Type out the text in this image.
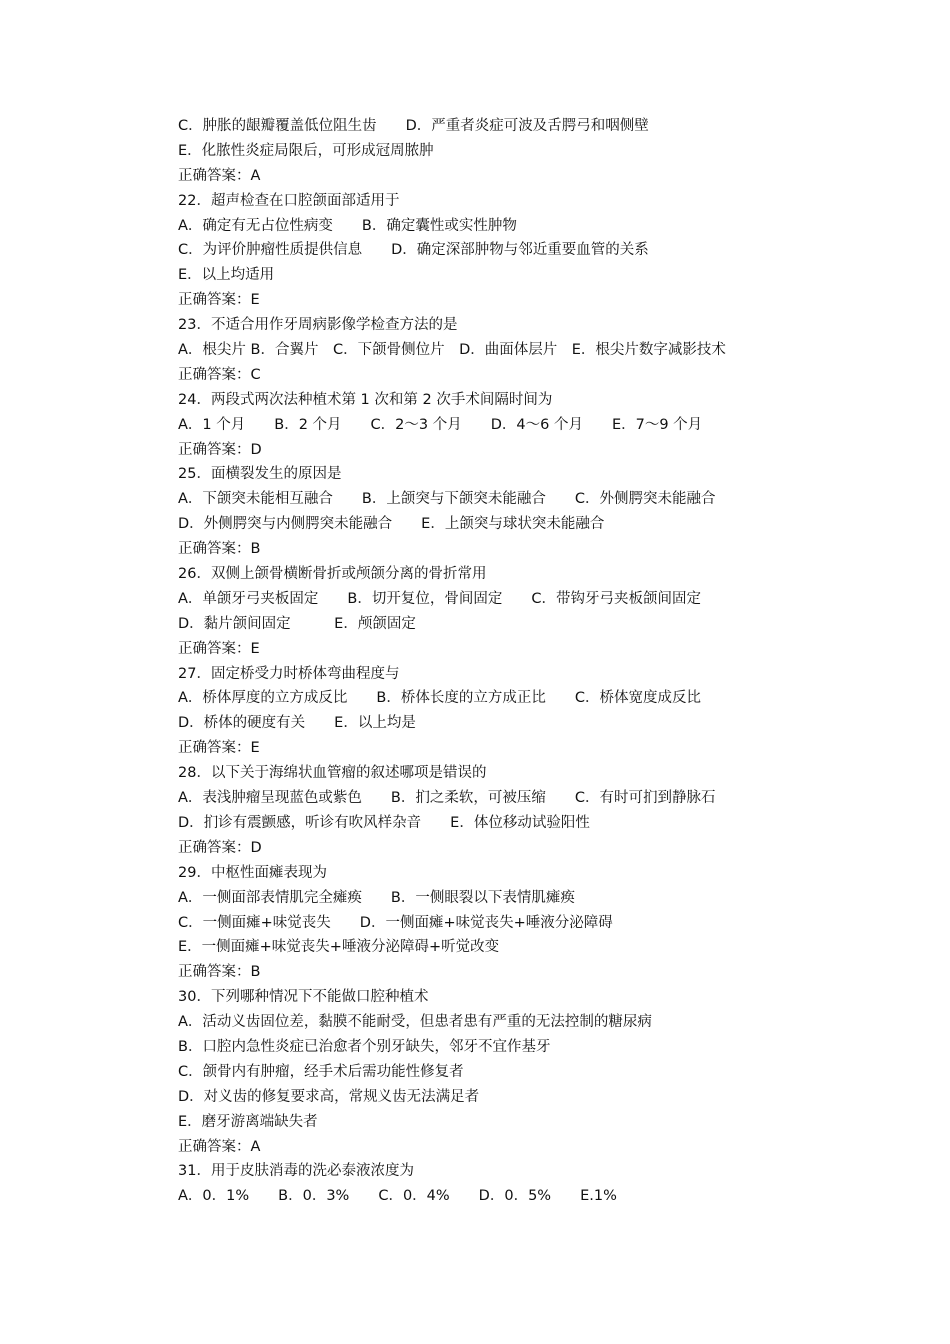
C．肿胀的龈瓣覆盖低位阻生齿　　D．严重者炎症可波及舌腭弓和咽侧壁
E．化脓性炎症局限后，可形成冠周脓肿
正确答案：A
22．超声检查在口腔颌面部适用于
A．确定有无占位性病变　　B．确定囊性或实性肿物
C．为评价肿瘤性质提供信息　　D．确定深部肿物与邻近重要血管的关系
E．以上均适用
正确答案：E
23．不适合用作牙周病影像学检查方法的是
A．根尖片 B．合翼片　C．下颌骨侧位片　D．曲面体层片　E．根尖片数字减影技术
正确答案：C
24．两段式两次法种植术第 1 次和第 2 次手术间隔时间为
A．1 个月　　B．2 个月　　C．2～3 个月　　D．4～6 个月　　E．7～9 个月
正确答案：D
25．面横裂发生的原因是
A．下颌突未能相互融合　　B．上颌突与下颌突未能融合　　C．外侧腭突未能融合
D．外侧腭突与内侧腭突未能融合　　E．上颌突与球状突未能融合
正确答案：B
26．双侧上颌骨横断骨折或颅颌分离的骨折常用
A．单颌牙弓夹板固定　　B．切开复位，骨间固定　　C．带钩牙弓夹板颌间固定
D．黏片颌间固定　　　E．颅颌固定
正确答案：E
27．固定桥受力时桥体弯曲程度与
A．桥体厚度的立方成反比　　B．桥体长度的立方成正比　　C．桥体宽度成反比
D．桥体的硬度有关　　E．以上均是
正确答案：E
28．以下关于海绵状血管瘤的叙述哪项是错误的
A．表浅肿瘤呈现蓝色或紫色　　B．扪之柔软，可被压缩　　C．有时可扪到静脉石
D．扪诊有震颤感，听诊有吹风样杂音　　E．体位移动试验阳性
正确答案：D
29．中枢性面瘫表现为
A．一侧面部表情肌完全瘫痪　　B．一侧眼裂以下表情肌瘫痪
C．一侧面瘫+味觉丧失　　D．一侧面瘫+味觉丧失+唾液分泌障碍
E．一侧面瘫+味觉丧失+唾液分泌障碍+听觉改变
正确答案：B
30．下列哪种情况下不能做口腔种植术
A．活动义齿固位差，黏膜不能耐受，但患者患有严重的无法控制的糖尿病
B．口腔内急性炎症已治愈者个别牙缺失，邻牙不宜作基牙
C．颌骨内有肿瘤，经手术后需功能性修复者
D．对义齿的修复要求高，常规义齿无法满足者
E．磨牙游离端缺失者
正确答案：A
31．用于皮肤消毒的洗必泰液浓度为
A．0．1%　　B．0．3%　　C．0．4%　　D．0．5%　　E.1%
